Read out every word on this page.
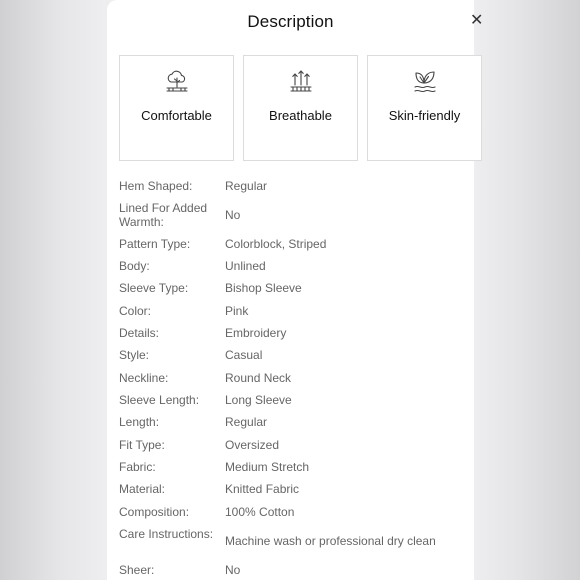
Description	✕
Comfortable	Breathable	Skin-friendly
Hem Shaped:	Regular
Lined For Added Warmth:	No
Pattern Type:	Colorblock, Striped
Body:	Unlined
Sleeve Type:	Bishop Sleeve
Color:	Pink
Details:	Embroidery
Style:	Casual
Neckline:	Round Neck
Sleeve Length:	Long Sleeve
Length:	Regular
Fit Type:	Oversized
Fabric:	Medium Stretch
Material:	Knitted Fabric
Composition:	100% Cotton
Care Instructions: Machine wash or professional dry clean
Sheer:	No
